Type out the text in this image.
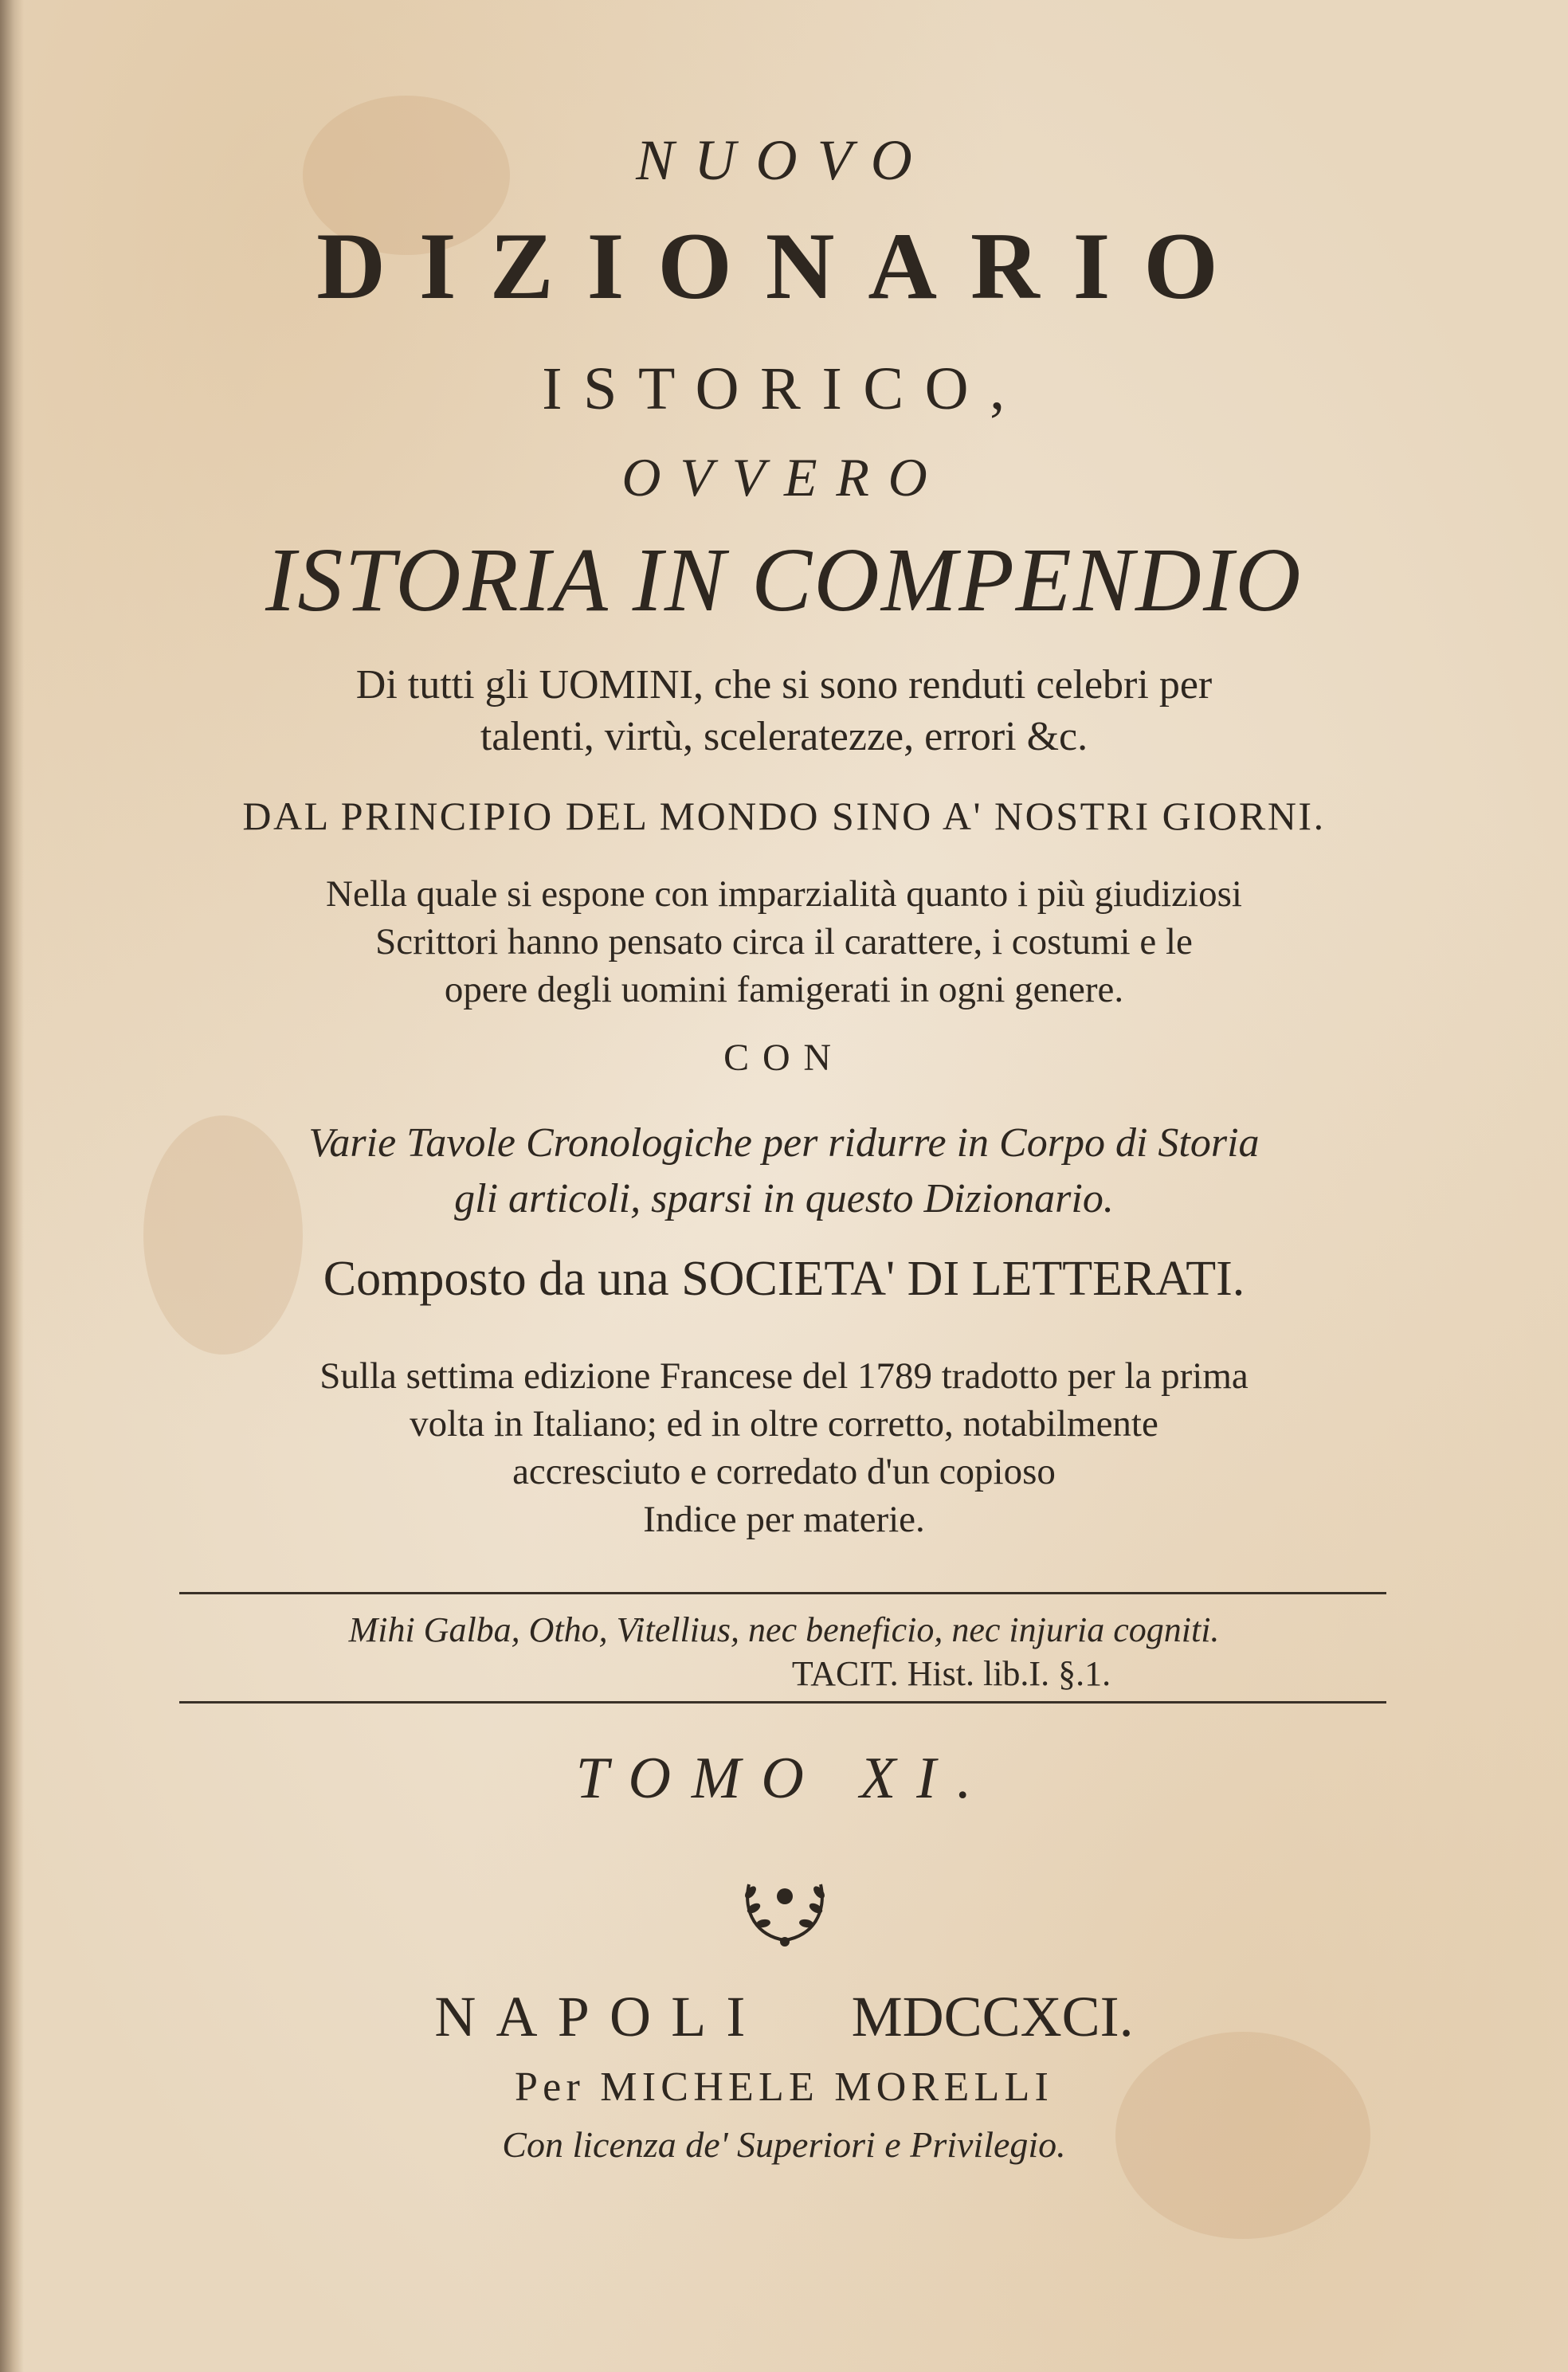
NUOVO
DIZIONARIO
ISTORICO,
OVVERO
ISTORIA IN COMPENDIO
Di tutti gli UOMINI, che si sono renduti celebri per
talenti, virtù, sceleratezze, errori &c.
DAL PRINCIPIO DEL MONDO SINO A' NOSTRI GIORNI.
Nella quale si espone con imparzialità quanto i più giudiziosi
Scrittori hanno pensato circa il carattere, i costumi e le
opere degli uomini famigerati in ogni genere.
CON
Varie Tavole Cronologiche per ridurre in Corpo di Storia
gli articoli, sparsi in questo Dizionario.
Composto da una SOCIETA' DI LETTERATI.
Sulla settima edizione Francese del 1789 tradotto per la prima
volta in Italiano; ed in oltre corretto, notabilmente
accresciuto e corredato d'un copioso
Indice per materie.
Mihi Galba, Otho, Vitellius, nec beneficio, nec injuria cogniti.
TACIT. Hist. lib.I. §.1.
TOMO XI.
NAPOLI MDCCXCI.
Per MICHELE MORELLI
Con licenza de' Superiori e Privilegio.
